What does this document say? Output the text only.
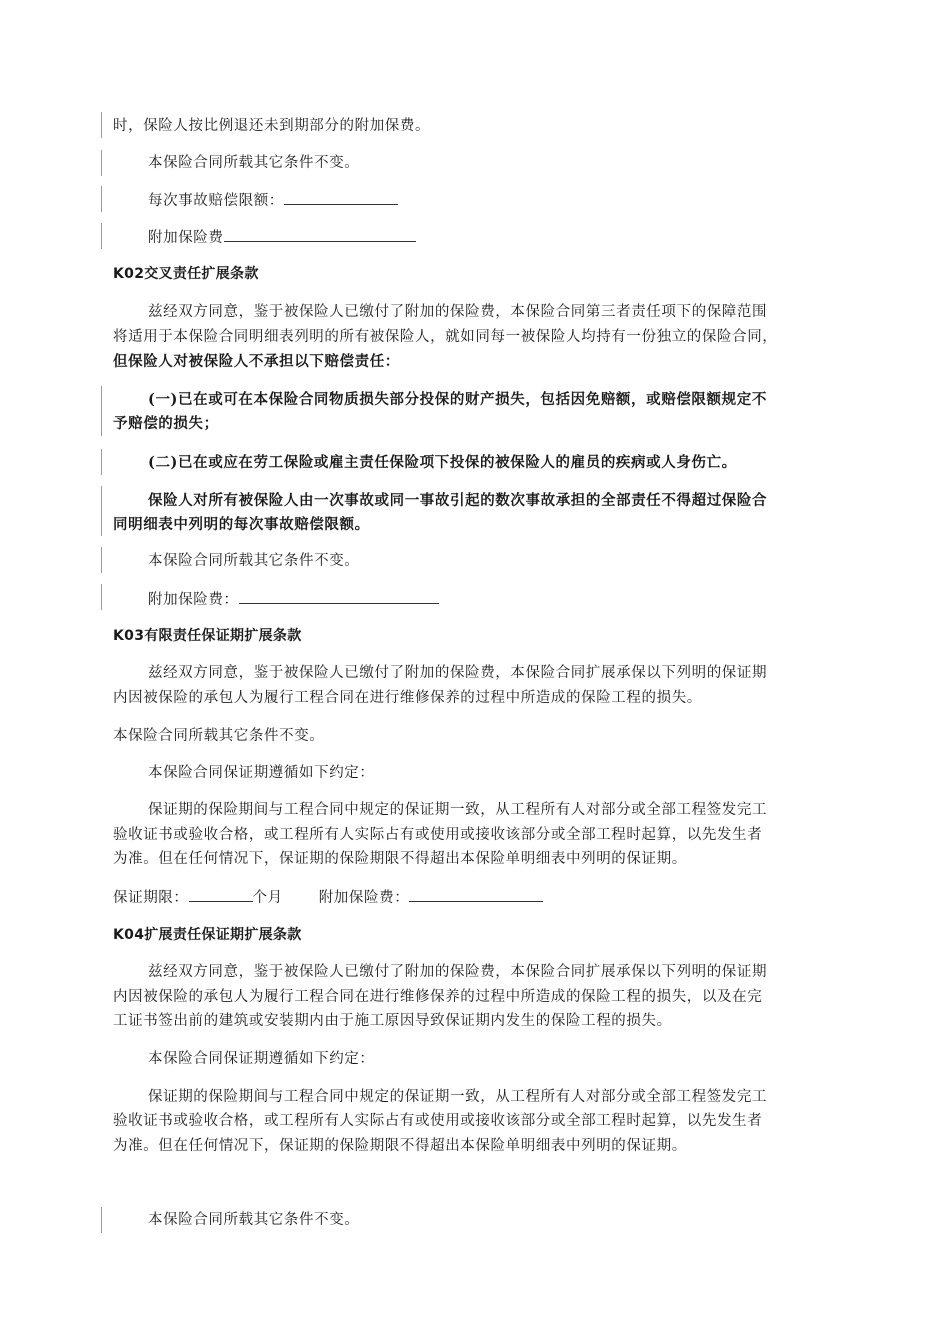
时，保险人按比例退还未到期部分的附加保费。
本保险合同所载其它条件不变。
每次事故赔偿限额：
附加保险费
K02交叉责任扩展条款
兹经双方同意，鉴于被保险人已缴付了附加的保险费，本保险合同第三者责任项下的保障范围
将适用于本保险合同明细表列明的所有被保险人，就如同每一被保险人均持有一份独立的保险合同，
但保险人对被保险人不承担以下赔偿责任：
(一)已在或可在本保险合同物质损失部分投保的财产损失，包括因免赔额，或赔偿限额规定不
予赔偿的损失；
(二)已在或应在劳工保险或雇主责任保险项下投保的被保险人的雇员的疾病或人身伤亡。
保险人对所有被保险人由一次事故或同一事故引起的数次事故承担的全部责任不得超过保险合
同明细表中列明的每次事故赔偿限额。
本保险合同所载其它条件不变。
附加保险费：
K03有限责任保证期扩展条款
兹经双方同意，鉴于被保险人已缴付了附加的保险费，本保险合同扩展承保以下列明的保证期
内因被保险的承包人为履行工程合同在进行维修保养的过程中所造成的保险工程的损失。
本保险合同所载其它条件不变。
本保险合同保证期遵循如下约定：
保证期的保险期间与工程合同中规定的保证期一致，从工程所有人对部分或全部工程签发完工
验收证书或验收合格，或工程所有人实际占有或使用或接收该部分或全部工程时起算，以先发生者
为准。但在任何情况下，保证期的保险期限不得超出本保险单明细表中列明的保证期。
保证期限：	个月 附加保险费：
K04扩展责任保证期扩展条款
兹经双方同意，鉴于被保险人已缴付了附加的保险费，本保险合同扩展承保以下列明的保证期
内因被保险的承包人为履行工程合同在进行维修保养的过程中所造成的保险工程的损失，以及在完
工证书签出前的建筑或安装期内由于施工原因导致保证期内发生的保险工程的损失。
本保险合同保证期遵循如下约定：
保证期的保险期间与工程合同中规定的保证期一致，从工程所有人对部分或全部工程签发完工
验收证书或验收合格，或工程所有人实际占有或使用或接收该部分或全部工程时起算，以先发生者
为准。但在任何情况下，保证期的保险期限不得超出本保险单明细表中列明的保证期。
本保险合同所载其它条件不变。
